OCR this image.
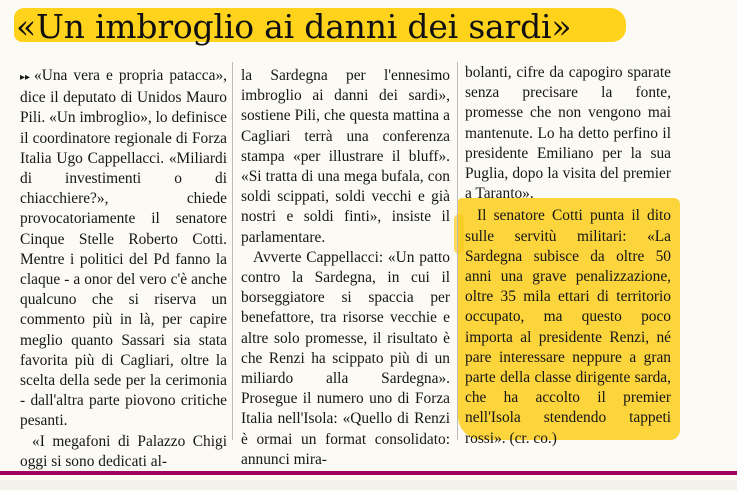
«Un imbroglio ai danni dei sardi»

▸▸ «Una vera e propria patacca», dice il deputato di Unidos Mauro Pili. «Un imbroglio», lo definisce il coordinatore regionale di Forza Italia Ugo Cappellacci. «Miliardi di investimenti o di chiacchiere?», chiede provocatoriamente il senatore Cinque Stelle Roberto Cotti. Mentre i politici del Pd fanno la claque - a onor del vero c'è anche qualcuno che si riserva un commento più in là, per capire meglio quanto Sassari sia stata favorita più di Cagliari, oltre la scelta della sede per la cerimonia - dall'altra parte piovono critiche pesanti.

«I megafoni di Palazzo Chigi oggi si sono dedicati al-

la Sardegna per l'ennesimo imbroglio ai danni dei sardi», sostiene Pili, che questa mattina a Cagliari terrà una conferenza stampa «per illustrare il bluff». «Si tratta di una mega bufala, con soldi scippati, soldi vecchi e già nostri e soldi finti», insiste il parlamentare.

Avverte Cappellacci: «Un patto contro la Sardegna, in cui il borseggiatore si spaccia per benefattore, tra risorse vecchie e altre solo promesse, il risultato è che Renzi ha scippato più di un miliardo alla Sardegna». Prosegue il numero uno di Forza Italia nell'Isola: «Quello di Renzi è ormai un format consolidato: annunci mira-

bolanti, cifre da capogiro sparate senza precisare la fonte, promesse che non vengono mai mantenute. Lo ha detto perfino il presidente Emiliano per la sua Puglia, dopo la visita del premier a Taranto».

Il senatore Cotti punta il dito sulle servitù militari: «La Sardegna subisce da oltre 50 anni una grave penalizzazione, oltre 35 mila ettari di territorio occupato, ma questo poco importa al presidente Renzi, né pare interessare neppure a gran parte della classe dirigente sarda, che ha accolto il premier nell'Isola stendendo tappeti rossi». (cr. co.)
